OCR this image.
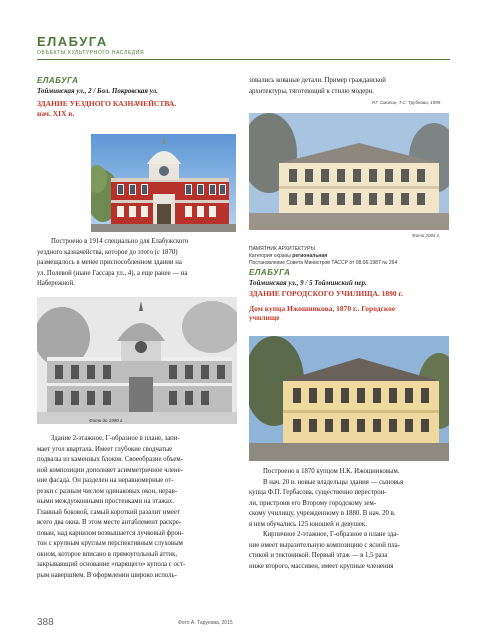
ЕЛАБУГА
ОБЪЕКТЫ КУЛЬТУРНОГО НАСЛЕДИЯ
ЕЛАБУГА
Тойминская ул., 2 / Бол. Покровская ул.
ЗДАНИЕ УЕЗДНОГО КАЗНАЧЕЙСТВА.
нач. XIX в.
Построено в 1914 специально для Елабужского
уездного казначейства, которое до этого (с 1870)
размещалось в менее приспособленном здании на
ул. Полевой (ныне Гассара ул., 4), а еще ранее — на
Набережной.
Фото до 1990 г.
Здание 2-этажное, Г-образное в плане, запи-
мает угол квартала. Имеет глубокие сводчатые
подвалы из каменных блоков. Своеобразие объем-
ной композиции дополняет асимметричное члене-
ние фасада. Он разделен на неравномерные от-
резки с разным числом одинаковых окон, нерав-
ными междуоконными простенками на этажах.
Главный боковой, самый короткий разалит имеет
всего два окна. В этом месте антаблемент раскре-
пован, над карнизом возвышается лучковый фрон-
тон с крупным круглым перспективным слуховым
окном, которое вписано в прямоугольный аттик,
закрывающий основание «парящего» купола с ост-
рым навершием. В оформлении широко исполь-
388
зовались кованые детали. Пример гражданской
архитектуры, тяготеющий к стилю модерн.
Р.Г. Смолин, Т.С. Трубнова, 1999
Фото 2004 г.
ПАМЯТНИК АРХИТЕКТУРЫ
Категория охраны региональная
Постановление Совета Министров ТАССР от 08.06.1987 № 264
ЕЛАБУГА
Тойминская ул., 9 / 5 Тойминский пер.
ЗДАНИЕ ГОРОДСКОГО УЧИЛИЩА. 1890 г.
Дом купца Ижошникова, 1870 г.. Городское
училище
Построено в 1870 купцом Н.К. Ижошниковым.
В нач. 20 в. новые владельцы здания — сыновья
купца Ф.П. Гербасова, существенно перестрои-
ли, пристроив его Второму городскому зем-
скому училищу, учрежденному в 1880. В нач. 20 в.
в нем обучались 125 юношей и девушек.
Кирпичное 2-этажное, Г-образное в плане зда-
ние имеет выразительную композицию с ясной пла-
стикой и тектоникой. Первый этаж — в 1,5 раза
ниже второго, массивен, имеет крупные членения
Фото А. Тарунова, 2015
